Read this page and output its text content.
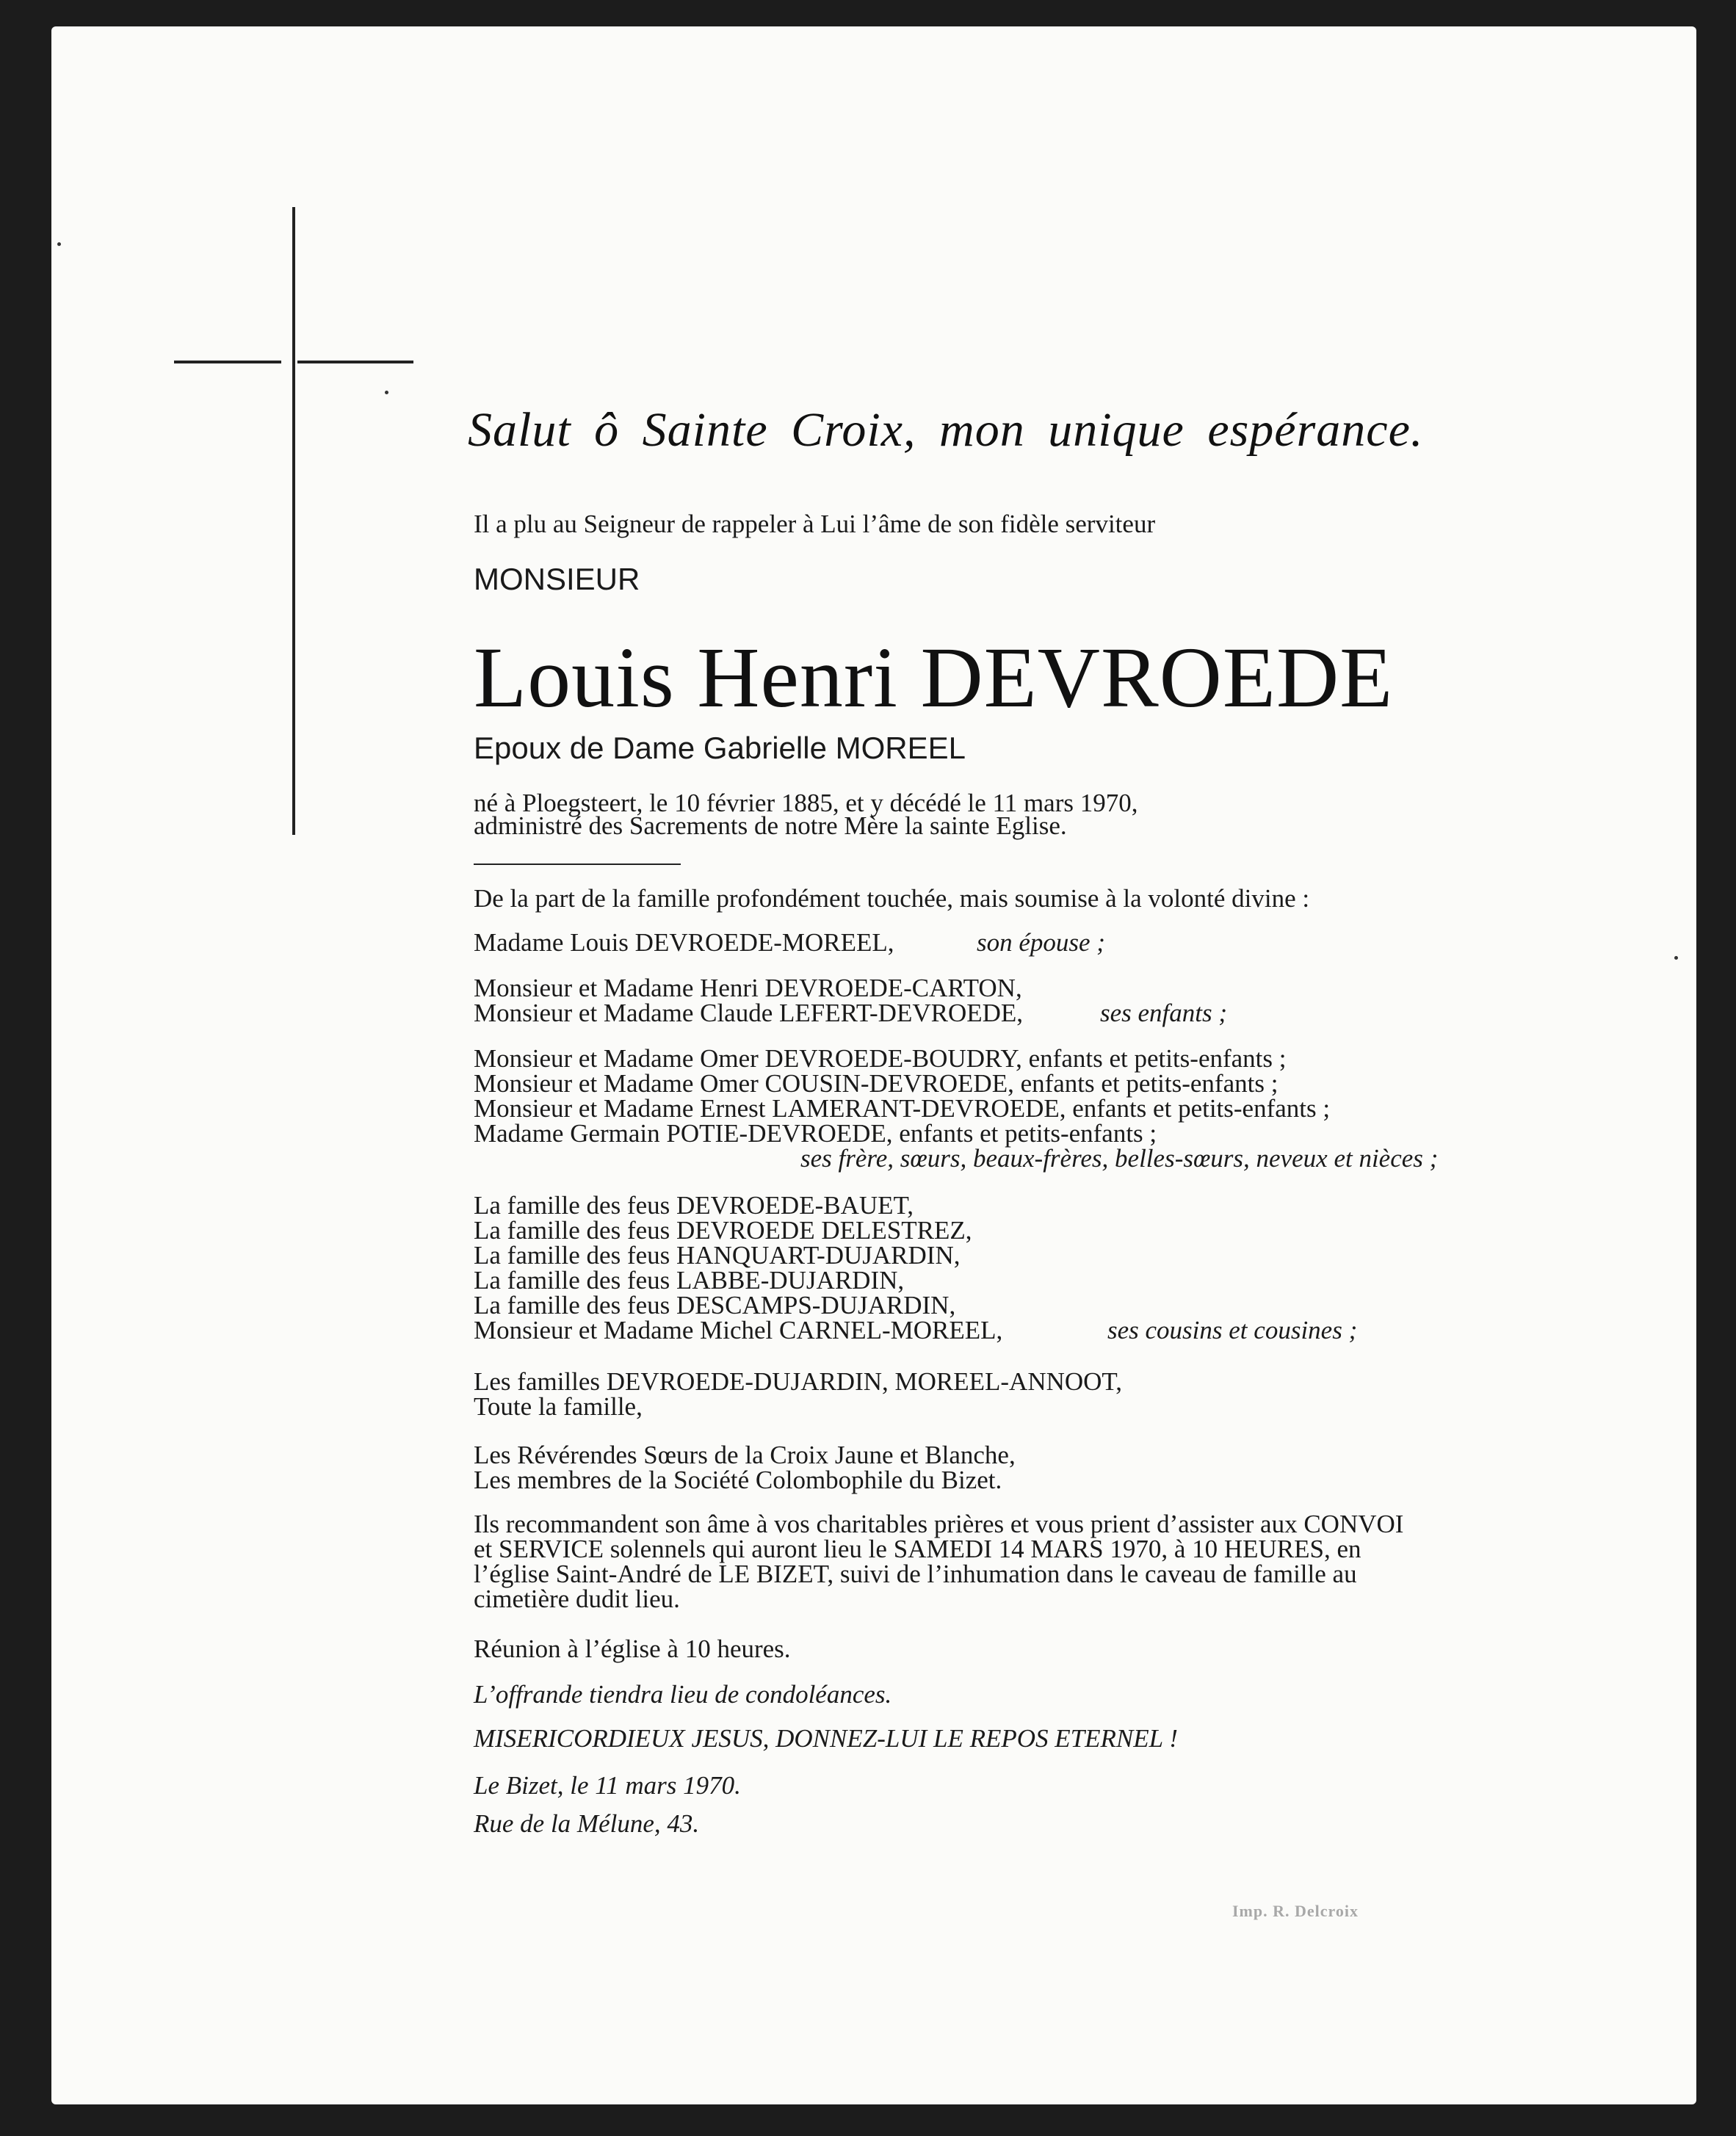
Salut ô Sainte Croix, mon unique espérance.
Il a plu au Seigneur de rappeler à Lui l’âme de son fidèle serviteur
MONSIEUR
Louis Henri DEVROEDE
Epoux de Dame Gabrielle MOREEL
né à Ploegsteert, le 10 février 1885, et y décédé le 11 mars 1970,
administré des Sacrements de notre Mère la sainte Eglise.
De la part de la famille profondément touchée, mais soumise à la volonté divine :
Madame Louis DEVROEDE-MOREEL,	son épouse ;
Monsieur et Madame Henri DEVROEDE-CARTON,
Monsieur et Madame Claude LEFERT-DEVROEDE,	ses enfants ;
Monsieur et Madame Omer DEVROEDE-BOUDRY, enfants et petits-enfants ;
Monsieur et Madame Omer COUSIN-DEVROEDE, enfants et petits-enfants ;
Monsieur et Madame Ernest LAMERANT-DEVROEDE, enfants et petits-enfants ;
Madame Germain POTIE-DEVROEDE, enfants et petits-enfants ;
ses frère, sœurs, beaux-frères, belles-sœurs, neveux et nièces ;
La famille des feus DEVROEDE-BAUET,
La famille des feus DEVROEDE DELESTREZ,
La famille des feus HANQUART-DUJARDIN,
La famille des feus LABBE-DUJARDIN,
La famille des feus DESCAMPS-DUJARDIN,
Monsieur et Madame Michel CARNEL-MOREEL,	ses cousins et cousines ;
Les familles DEVROEDE-DUJARDIN, MOREEL-ANNOOT,
Toute la famille,
Les Révérendes Sœurs de la Croix Jaune et Blanche,
Les membres de la Société Colombophile du Bizet.
Ils recommandent son âme à vos charitables prières et vous prient d’assister aux CONVOI
et SERVICE solennels qui auront lieu le SAMEDI 14 MARS 1970, à 10 HEURES, en
l’église Saint-André de LE BIZET, suivi de l’inhumation dans le caveau de famille au
cimetière dudit lieu.
Réunion à l’église à 10 heures.
L’offrande tiendra lieu de condoléances.
MISERICORDIEUX JESUS, DONNEZ-LUI LE REPOS ETERNEL !
Le Bizet, le 11 mars 1970.
Rue de la Mélune, 43.
Imp. R. Delcroix
